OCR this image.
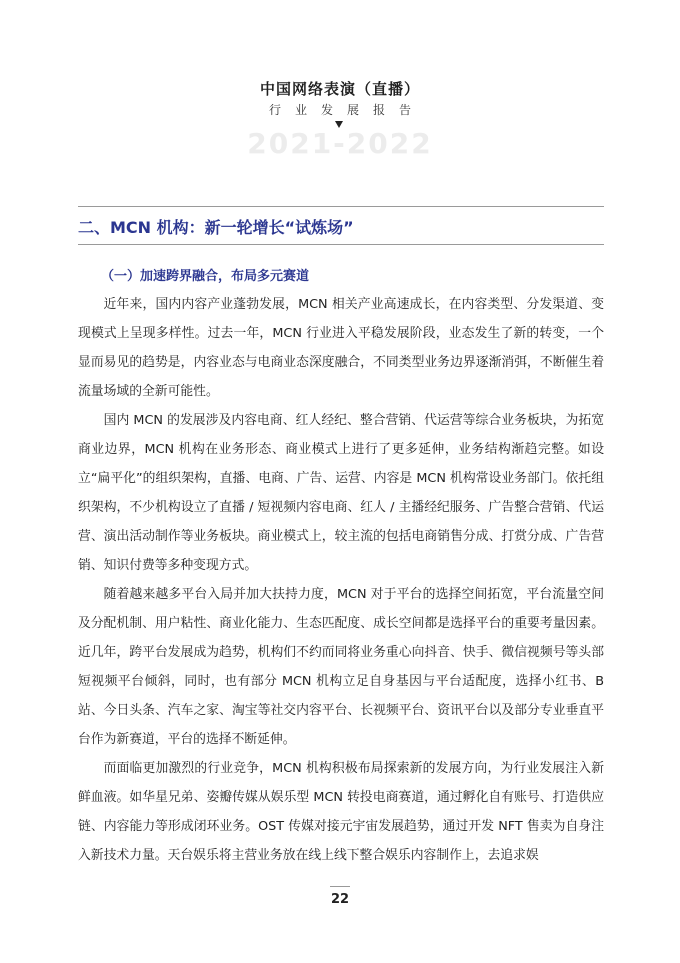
中国网络表演（直播）
行业发展报告
2021-2022
二、MCN 机构：新一轮增长“试炼场”
（一）加速跨界融合，布局多元赛道

近年来，国内内容产业蓬勃发展，MCN 相关产业高速成长，在内容类型、分发渠道、变现模式上呈现多样性。过去一年，MCN 行业进入平稳发展阶段，业态发生了新的转变，一个显而易见的趋势是，内容业态与电商业态深度融合，不同类型业务边界逐渐消弭，不断催生着流量场域的全新可能性。

国内 MCN 的发展涉及内容电商、红人经纪、整合营销、代运营等综合业务板块，为拓宽商业边界，MCN 机构在业务形态、商业模式上进行了更多延伸，业务结构渐趋完整。如设立“扁平化”的组织架构，直播、电商、广告、运营、内容是 MCN 机构常设业务部门。依托组织架构，不少机构设立了直播 / 短视频内容电商、红人 / 主播经纪服务、广告整合营销、代运营、演出活动制作等业务板块。商业模式上，较主流的包括电商销售分成、打赏分成、广告营销、知识付费等多种变现方式。

随着越来越多平台入局并加大扶持力度，MCN 对于平台的选择空间拓宽，平台流量空间及分配机制、用户粘性、商业化能力、生态匹配度、成长空间都是选择平台的重要考量因素。近几年，跨平台发展成为趋势，机构们不约而同将业务重心向抖音、快手、微信视频号等头部短视频平台倾斜，同时，也有部分 MCN 机构立足自身基因与平台适配度，选择小红书、B 站、今日头条、汽车之家、淘宝等社交内容平台、长视频平台、资讯平台以及部分专业垂直平台作为新赛道，平台的选择不断延伸。

而面临更加激烈的行业竞争，MCN 机构积极布局探索新的发展方向，为行业发展注入新鲜血液。如华星兄弟、姿瓣传媒从娱乐型 MCN 转投电商赛道，通过孵化自有账号、打造供应链、内容能力等形成闭环业务。OST 传媒对接元宇宙发展趋势，通过开发 NFT 售卖为自身注入新技术力量。天台娱乐将主营业务放在线上线下整合娱乐内容制作上，去追求娱

22
